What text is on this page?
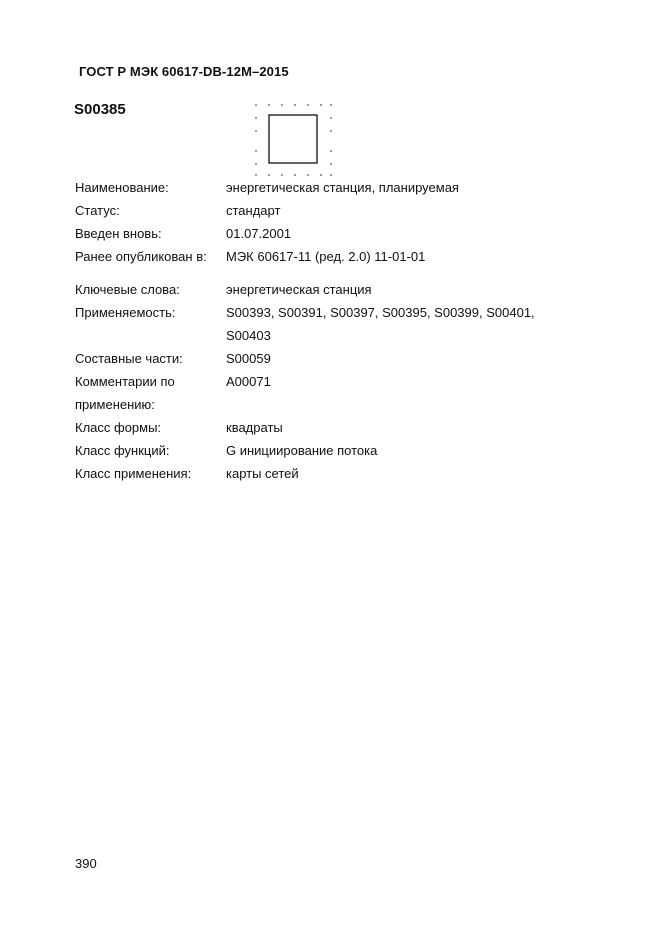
ГОСТ Р МЭК 60617-DB-12M–2015
S00385
Наименование:	энергетическая станция, планируемая
Статус:	стандарт
Введен вновь:	01.07.2001
Ранее опубликован в:	МЭК 60617-11 (ред. 2.0) 11-01-01
Ключевые слова:	энергетическая станция
Применяемость:	S00393, S00391, S00397, S00395, S00399, S00401,
S00403
Составные части:	S00059
Комментарии по	A00071
применению:
Класс формы:	квадраты
Класс функций:	G инициирование потока
Класс применения:	карты сетей
390
